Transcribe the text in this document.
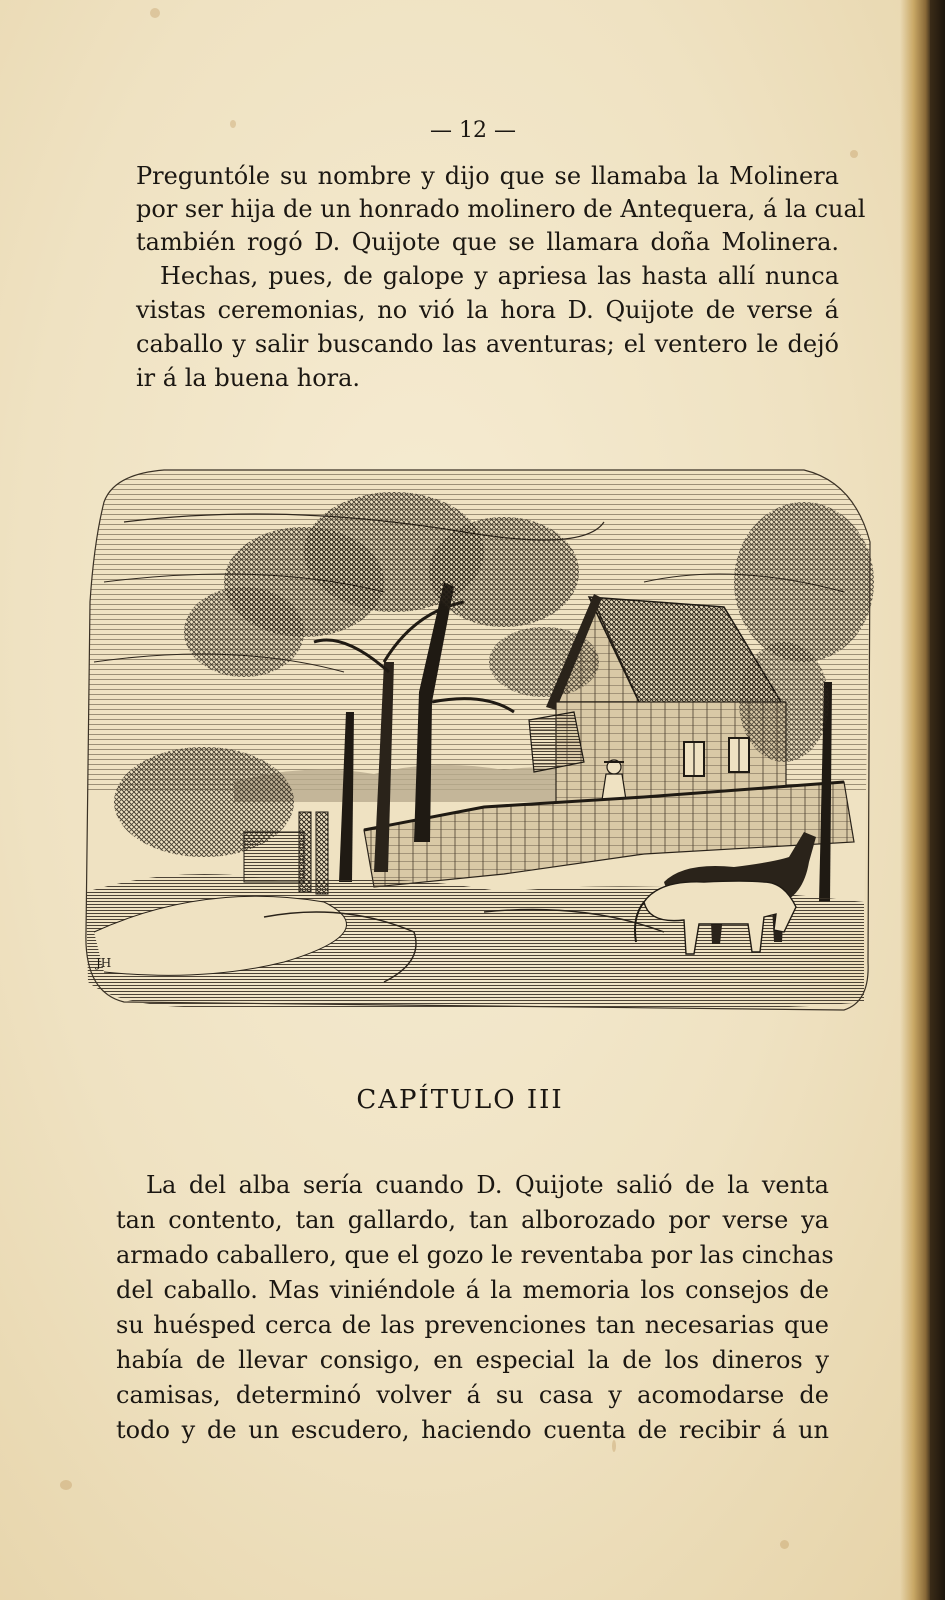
— 12 —
Preguntóle su nombre y dijo que se llamaba la Molinera
por ser hija de un honrado molinero de Antequera, á la cual
también rogó D. Quijote que se llamara doña Molinera.
Hechas, pues, de galope y apriesa las hasta allí nunca
vistas ceremonias, no vió la hora D. Quijote de verse á
caballo y salir buscando las aventuras; el ventero le dejó
ir á la buena hora.
JH
CAPÍTULO III
La del alba sería cuando D. Quijote salió de la venta
tan contento, tan gallardo, tan alborozado por verse ya
armado caballero, que el gozo le reventaba por las cinchas
del caballo. Mas viniéndole á la memoria los consejos de
su huésped cerca de las prevenciones tan necesarias que
había de llevar consigo, en especial la de los dineros y
camisas, determinó volver á su casa y acomodarse de
todo y de un escudero, haciendo cuenta de recibir á un
